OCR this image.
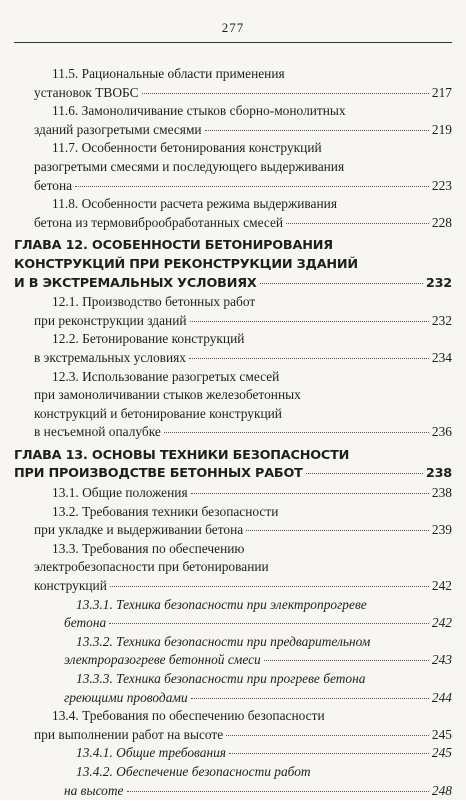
277
11.5. Рациональные области применения
установок ТВОБС	217
11.6. Замоноличивание стыков сборно-монолитных
зданий разогретыми смесями	219
11.7. Особенности бетонирования конструкций
разогретыми смесями и последующего выдерживания
бетона	223
11.8. Особенности расчета режима выдерживания
бетона из термовиброобработанных смесей	228
ГЛАВА 12. ОСОБЕННОСТИ БЕТОНИРОВАНИЯ
КОНСТРУКЦИЙ ПРИ РЕКОНСТРУКЦИИ ЗДАНИЙ
И В ЭКСТРЕМАЛЬНЫХ УСЛОВИЯХ	232
12.1. Производство бетонных работ
при реконструкции зданий	232
12.2. Бетонирование конструкций
в экстремальных условиях	234
12.3. Использование разогретых смесей
при замоноличивании стыков железобетонных
конструкций и бетонирование конструкций
в несъемной опалубке	236
ГЛАВА 13. ОСНОВЫ ТЕХНИКИ БЕЗОПАСНОСТИ
ПРИ ПРОИЗВОДСТВЕ БЕТОННЫХ РАБОТ	238
13.1. Общие положения	238
13.2. Требования техники безопасности
при укладке и выдерживании бетона	239
13.3. Требования по обеспечению
электробезопасности при бетонировании
конструкций	242
13.3.1. Техника безопасности при электропрогреве
бетона	242
13.3.2. Техника безопасности при предварительном
электроразогреве бетонной смеси	243
13.3.3. Техника безопасности при прогреве бетона
греющими проводами	244
13.4. Требования по обеспечению безопасности
при выполнении работ на высоте	245
13.4.1. Общие требования	245
13.4.2. Обеспечение безопасности работ
на высоте	248
